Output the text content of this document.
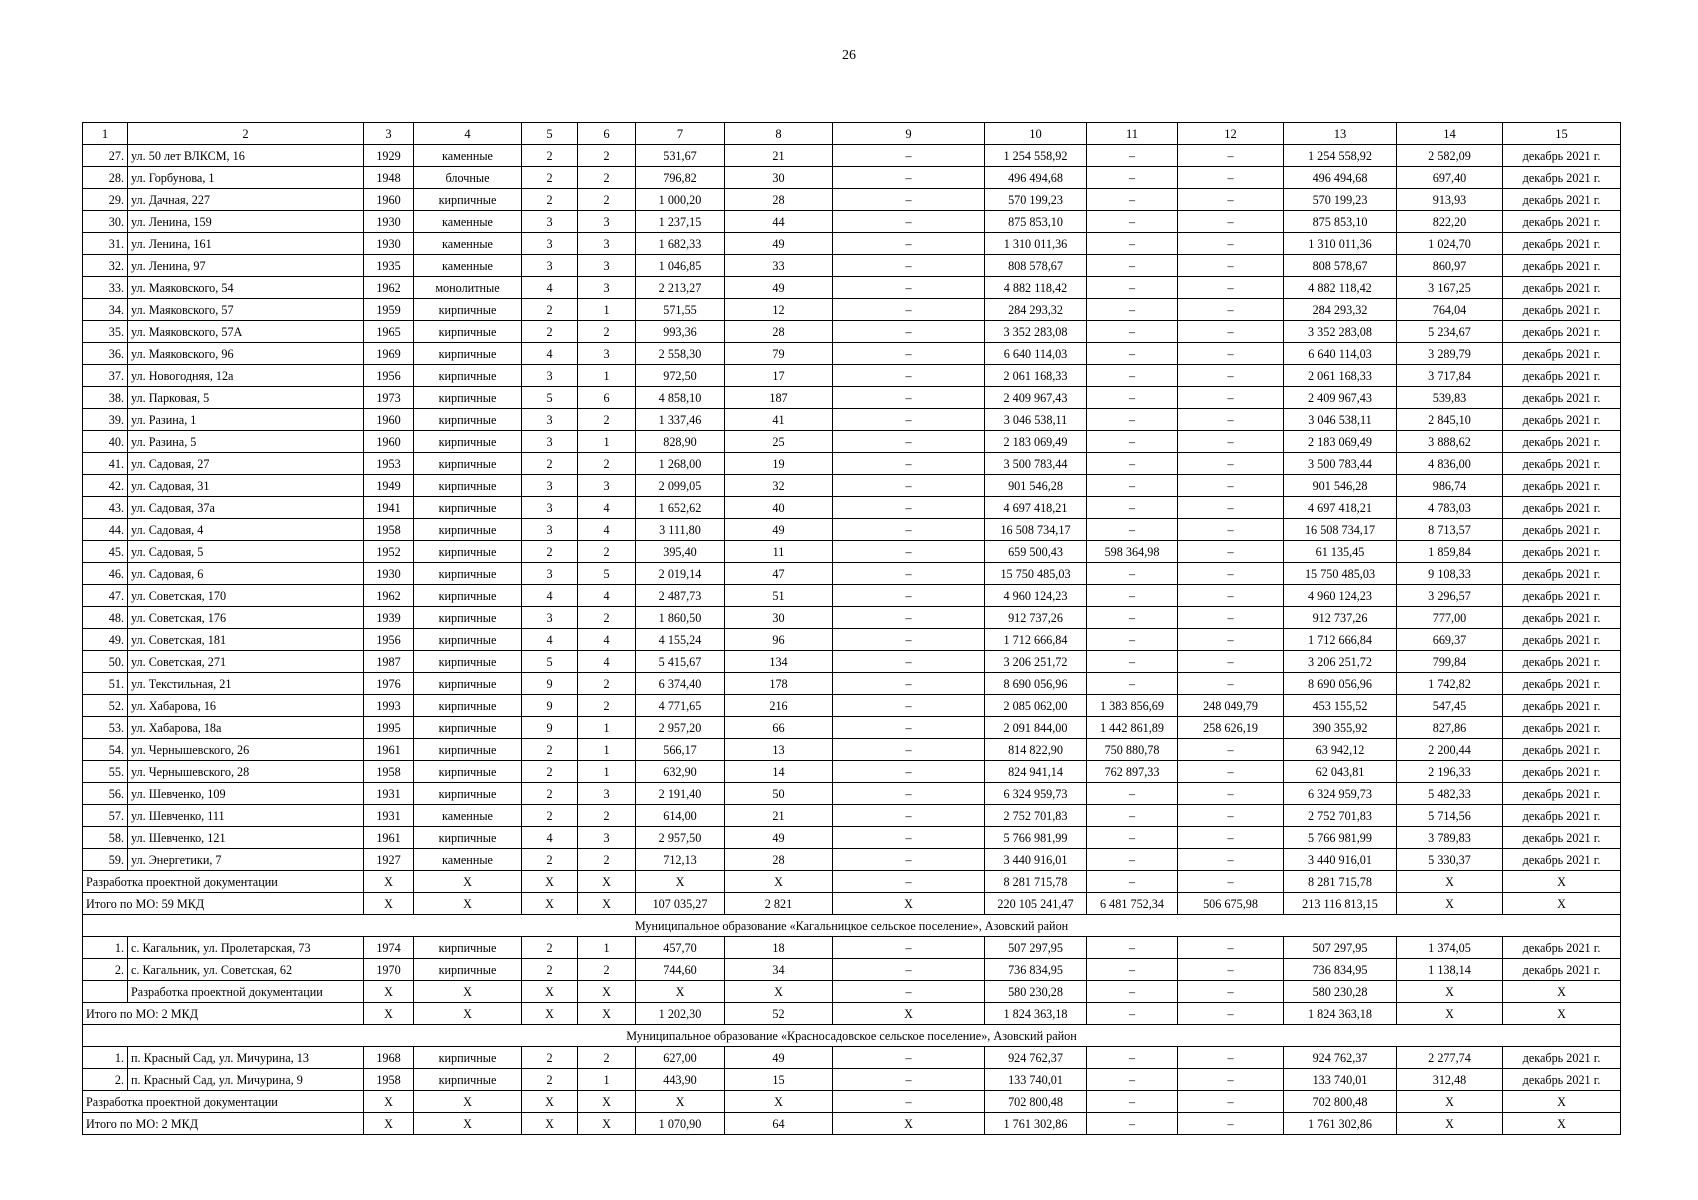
26
1	2	3	4	5	6	7	8	9	10	11	12	13	14	15
27.	ул. 50 лет ВЛКСМ, 16	1929	каменные	2	2	531,67	21	–	1 254 558,92	–	–	1 254 558,92	2 582,09	декабрь 2021 г.
28.	ул. Горбунова, 1	1948	блочные	2	2	796,82	30	–	496 494,68	–	–	496 494,68	697,40	декабрь 2021 г.
29.	ул. Дачная, 227	1960	кирпичные	2	2	1 000,20	28	–	570 199,23	–	–	570 199,23	913,93	декабрь 2021 г.
30.	ул. Ленина, 159	1930	каменные	3	3	1 237,15	44	–	875 853,10	–	–	875 853,10	822,20	декабрь 2021 г.
31.	ул. Ленина, 161	1930	каменные	3	3	1 682,33	49	–	1 310 011,36	–	–	1 310 011,36	1 024,70	декабрь 2021 г.
32.	ул. Ленина, 97	1935	каменные	3	3	1 046,85	33	–	808 578,67	–	–	808 578,67	860,97	декабрь 2021 г.
33.	ул. Маяковского, 54	1962	монолитные	4	3	2 213,27	49	–	4 882 118,42	–	–	4 882 118,42	3 167,25	декабрь 2021 г.
34.	ул. Маяковского, 57	1959	кирпичные	2	1	571,55	12	–	284 293,32	–	–	284 293,32	764,04	декабрь 2021 г.
35.	ул. Маяковского, 57А	1965	кирпичные	2	2	993,36	28	–	3 352 283,08	–	–	3 352 283,08	5 234,67	декабрь 2021 г.
36.	ул. Маяковского, 96	1969	кирпичные	4	3	2 558,30	79	–	6 640 114,03	–	–	6 640 114,03	3 289,79	декабрь 2021 г.
37.	ул. Новогодняя, 12а	1956	кирпичные	3	1	972,50	17	–	2 061 168,33	–	–	2 061 168,33	3 717,84	декабрь 2021 г.
38.	ул. Парковая, 5	1973	кирпичные	5	6	4 858,10	187	–	2 409 967,43	–	–	2 409 967,43	539,83	декабрь 2021 г.
39.	ул. Разина, 1	1960	кирпичные	3	2	1 337,46	41	–	3 046 538,11	–	–	3 046 538,11	2 845,10	декабрь 2021 г.
40.	ул. Разина, 5	1960	кирпичные	3	1	828,90	25	–	2 183 069,49	–	–	2 183 069,49	3 888,62	декабрь 2021 г.
41.	ул. Садовая, 27	1953	кирпичные	2	2	1 268,00	19	–	3 500 783,44	–	–	3 500 783,44	4 836,00	декабрь 2021 г.
42.	ул. Садовая, 31	1949	кирпичные	3	3	2 099,05	32	–	901 546,28	–	–	901 546,28	986,74	декабрь 2021 г.
43.	ул. Садовая, 37а	1941	кирпичные	3	4	1 652,62	40	–	4 697 418,21	–	–	4 697 418,21	4 783,03	декабрь 2021 г.
44.	ул. Садовая, 4	1958	кирпичные	3	4	3 111,80	49	–	16 508 734,17	–	–	16 508 734,17	8 713,57	декабрь 2021 г.
45.	ул. Садовая, 5	1952	кирпичные	2	2	395,40	11	–	659 500,43	598 364,98	–	61 135,45	1 859,84	декабрь 2021 г.
46.	ул. Садовая, 6	1930	кирпичные	3	5	2 019,14	47	–	15 750 485,03	–	–	15 750 485,03	9 108,33	декабрь 2021 г.
47.	ул. Советская, 170	1962	кирпичные	4	4	2 487,73	51	–	4 960 124,23	–	–	4 960 124,23	3 296,57	декабрь 2021 г.
48.	ул. Советская, 176	1939	кирпичные	3	2	1 860,50	30	–	912 737,26	–	–	912 737,26	777,00	декабрь 2021 г.
49.	ул. Советская, 181	1956	кирпичные	4	4	4 155,24	96	–	1 712 666,84	–	–	1 712 666,84	669,37	декабрь 2021 г.
50.	ул. Советская, 271	1987	кирпичные	5	4	5 415,67	134	–	3 206 251,72	–	–	3 206 251,72	799,84	декабрь 2021 г.
51.	ул. Текстильная, 21	1976	кирпичные	9	2	6 374,40	178	–	8 690 056,96	–	–	8 690 056,96	1 742,82	декабрь 2021 г.
52.	ул. Хабарова, 16	1993	кирпичные	9	2	4 771,65	216	–	2 085 062,00	1 383 856,69	248 049,79	453 155,52	547,45	декабрь 2021 г.
53.	ул. Хабарова, 18а	1995	кирпичные	9	1	2 957,20	66	–	2 091 844,00	1 442 861,89	258 626,19	390 355,92	827,86	декабрь 2021 г.
54.	ул. Чернышевского, 26	1961	кирпичные	2	1	566,17	13	–	814 822,90	750 880,78	–	63 942,12	2 200,44	декабрь 2021 г.
55.	ул. Чернышевского, 28	1958	кирпичные	2	1	632,90	14	–	824 941,14	762 897,33	–	62 043,81	2 196,33	декабрь 2021 г.
56.	ул. Шевченко, 109	1931	кирпичные	2	3	2 191,40	50	–	6 324 959,73	–	–	6 324 959,73	5 482,33	декабрь 2021 г.
57.	ул. Шевченко, 111	1931	каменные	2	2	614,00	21	–	2 752 701,83	–	–	2 752 701,83	5 714,56	декабрь 2021 г.
58.	ул. Шевченко, 121	1961	кирпичные	4	3	2 957,50	49	–	5 766 981,99	–	–	5 766 981,99	3 789,83	декабрь 2021 г.
59.	ул. Энергетики, 7	1927	каменные	2	2	712,13	28	–	3 440 916,01	–	–	3 440 916,01	5 330,37	декабрь 2021 г.
Разработка проектной документации		X	X	X	X	X	X	–	8 281 715,78	–	–	8 281 715,78	X	X
Итого по МО: 59 МКД		X	X	X	X	107 035,27	2 821	X	220 105 241,47	6 481 752,34	506 675,98	213 116 813,15	X	X
Муниципальное образование «Кагальницкое сельское поселение», Азовский район														
1.	с. Кагальник, ул. Пролетарская, 73	1974	кирпичные	2	1	457,70	18	–	507 297,95	–	–	507 297,95	1 374,05	декабрь 2021 г.
2.	с. Кагальник, ул. Советская, 62	1970	кирпичные	2	2	744,60	34	–	736 834,95	–	–	736 834,95	1 138,14	декабрь 2021 г.
	Разработка проектной документации	X	X	X	X	X	X	–	580 230,28	–	–	580 230,28	X	X
Итого по МО: 2 МКД		X	X	X	X	1 202,30	52	X	1 824 363,18	–	–	1 824 363,18	X	X
Муниципальное образование «Красносадовское сельское поселение», Азовский район														
1.	п. Красный Сад, ул. Мичурина, 13	1968	кирпичные	2	2	627,00	49	–	924 762,37	–	–	924 762,37	2 277,74	декабрь 2021 г.
2.	п. Красный Сад, ул. Мичурина, 9	1958	кирпичные	2	1	443,90	15	–	133 740,01	–	–	133 740,01	312,48	декабрь 2021 г.
Разработка проектной документации		X	X	X	X	X	X	–	702 800,48	–	–	702 800,48	X	X
Итого по МО: 2 МКД		X	X	X	X	1 070,90	64	X	1 761 302,86	–	–	1 761 302,86	X	X
